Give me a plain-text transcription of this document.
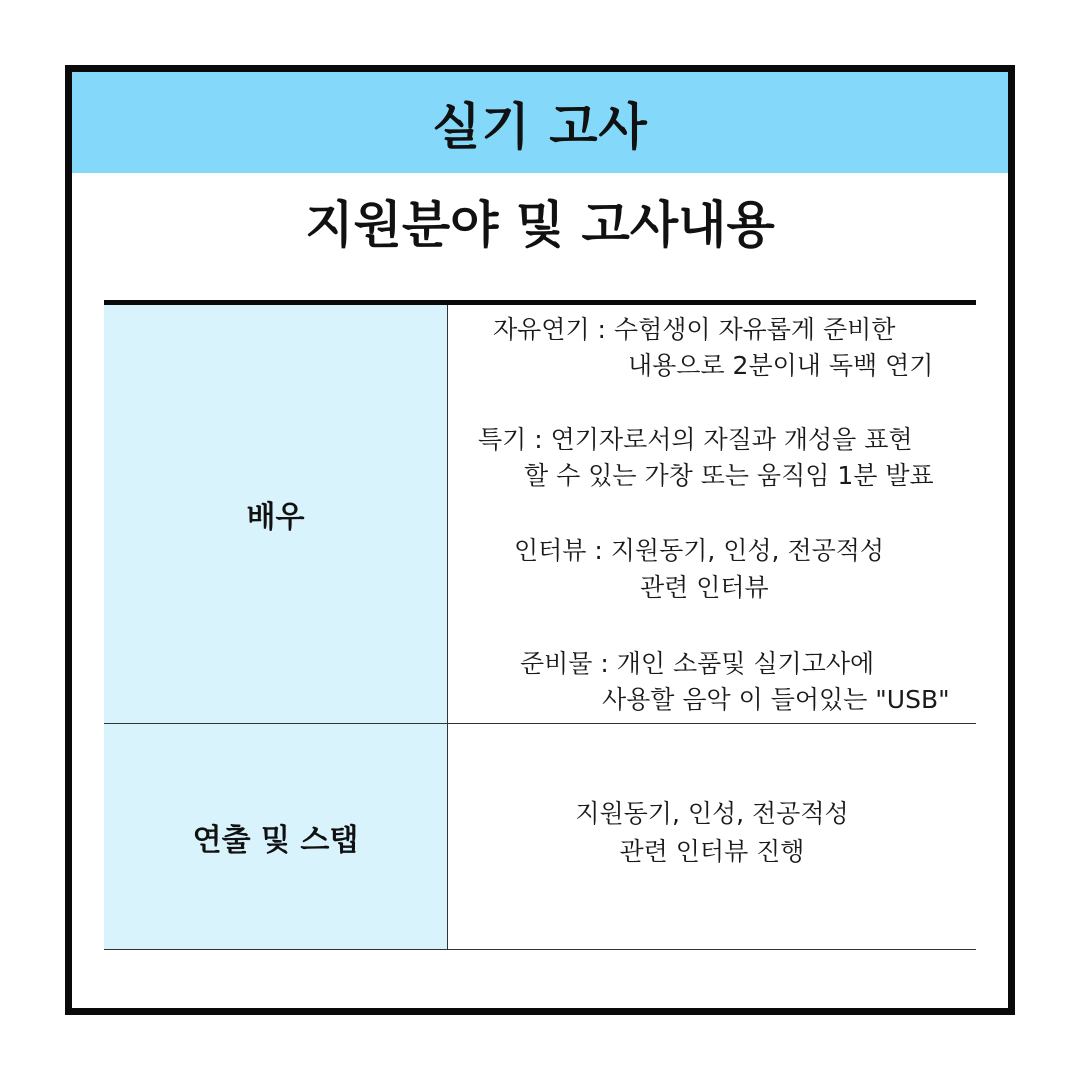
실기 고사
지원분야 및 고사내용
배우
자유연기 : 수험생이 자유롭게 준비한
내용으로 2분이내 독백 연기
특기 : 연기자로서의 자질과 개성을 표현
할 수 있는 가창 또는 움직임 1분 발표
인터뷰 : 지원동기, 인성, 전공적성
관련 인터뷰
준비물 : 개인 소품및 실기고사에
사용할 음악 이 들어있는 "USB"
연출 및 스탭
지원동기, 인성, 전공적성
관련 인터뷰 진행
